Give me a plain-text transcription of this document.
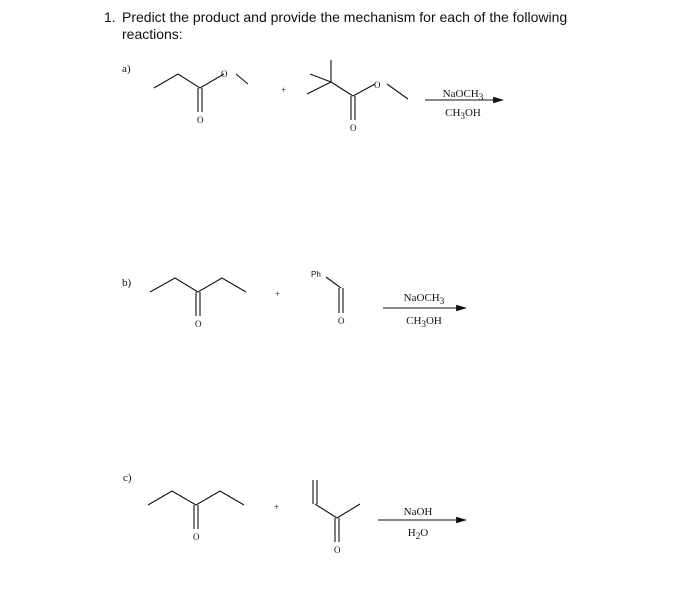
1. Predict the product and provide the mechanism for each of the following reactions:
a)
b)
c)
NaOCH$_3$
$CH_3OH$
NaOCH$_3$
$CH_3OH$
NaOH
$H_2O$
O
O
+	O
O
O
+
Ph
O
O
+
O
